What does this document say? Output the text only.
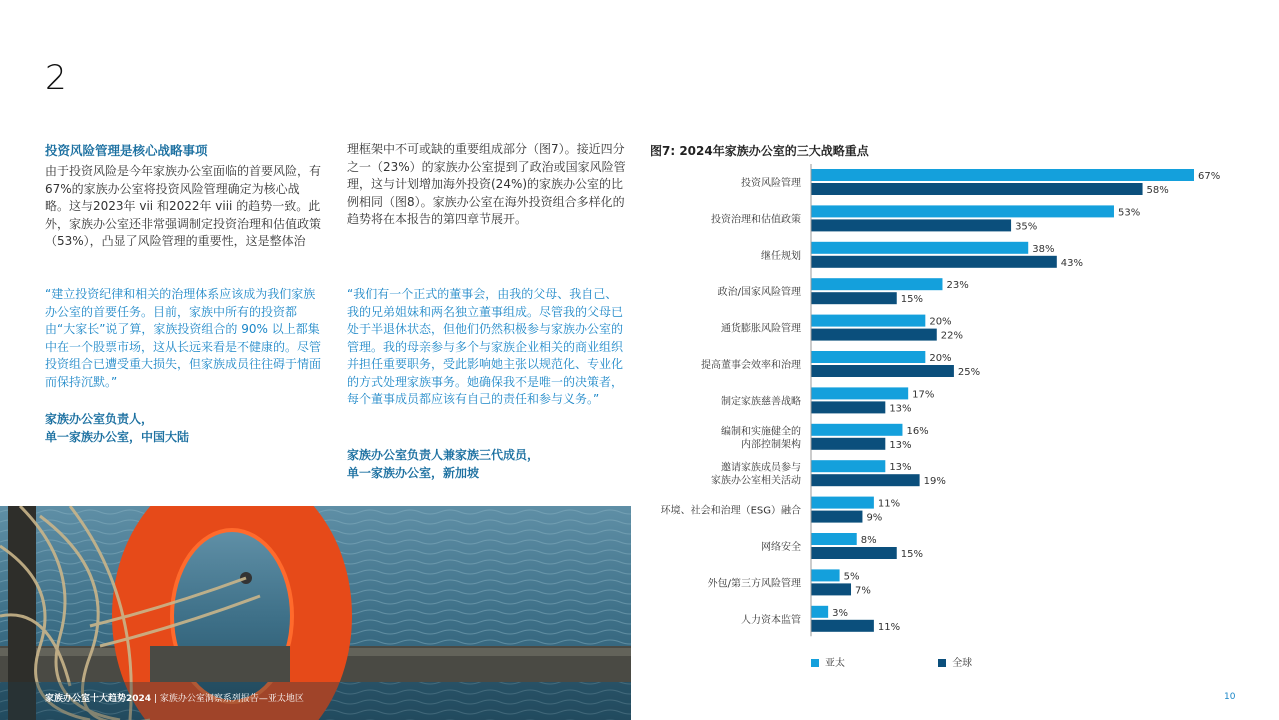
2
投资风险管理是核心战略事项
由于投资风险是今年家族办公室面临的首要风险，有67%的家族办公室将投资风险管理确定为核心战略。这与2023年 vii 和2022年 viii 的趋势一致。此外，家族办公室还非常强调制定投资治理和估值政策（53%），凸显了风险管理的重要性，这是整体治
“建立投资纪律和相关的治理体系应该成为我们家族办公室的首要任务。目前，家族中所有的投资都由“大家长”说了算，家族投资组合的 90% 以上都集中在一个股票市场，这从长远来看是不健康的。尽管投资组合已遭受重大损失，但家族成员往往碍于情面而保持沉默。”
家族办公室负责人，
单一家族办公室，中国大陆
理框架中不可或缺的重要组成部分（图7）。接近四分之一（23%）的家族办公室提到了政治或国家风险管理，这与计划增加海外投资(24%)的家族办公室的比例相同（图8）。家族办公室在海外投资组合多样化的趋势将在本报告的第四章节展开。
“我们有一个正式的董事会，由我的父母、我自己、我的兄弟姐妹和两名独立董事组成。尽管我的父母已处于半退休状态，但他们仍然积极参与家族办公室的管理。我的母亲参与多个与家族企业相关的商业组织并担任重要职务，受此影响她主张以规范化、专业化的方式处理家族事务。她确保我不是唯一的决策者，每个董事成员都应该有自己的责任和参与义务。”
家族办公室负责人兼家族三代成员，
单一家族办公室，新加坡
家族办公室十大趋势2024 | 家族办公室洞察系列报告—亚太地区	10
图7: 2024年家族办公室的三大战略重点
投资风险管理
67%
58%
投资治理和估值政策
53%
35%
继任规划
38%
43%
政治/国家风险管理
23%
15%
通货膨胀风险管理
20%
22%
提高董事会效率和治理
20%
25%
制定家族慈善战略
17%
13%
编制和实施健全的
内部控制架构
16%
13%
邀请家族成员参与
家族办公室相关活动
13%
19%
环境、社会和治理（ESG）融合
11%
9%
网络安全
8%
15%
外包/第三方风险管理
5%
7%
人力资本监管
3%
11%
亚太	全球
